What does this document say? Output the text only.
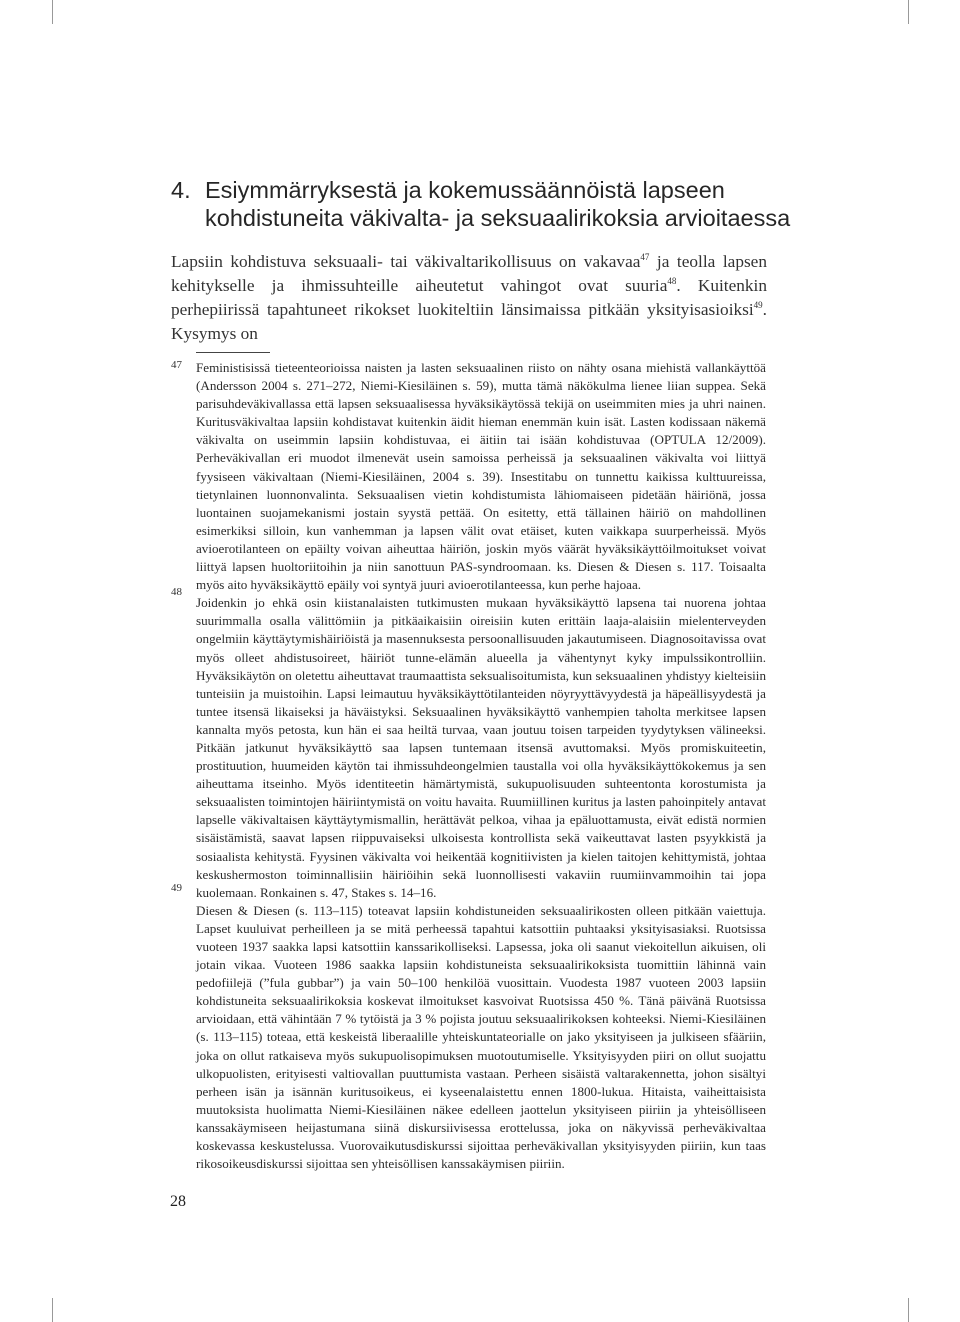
4. Esiymmärryksestä ja kokemussäännöistä lapseen
kohdistuneita väkivalta- ja seksuaalirikoksia arvioitaessa
Lapsiin kohdistuva seksuaali- tai väkivaltarikollisuus on vakavaa$^{47}$ ja teolla lapsen kehitykselle ja ihmissuhteille aiheutetut vahingot ovat suuria$^{48}$. Kuitenkin perhepiirissä tapahtuneet rikokset luokiteltiin länsimaissa pitkään yksityisasioiksi$^{49}$. Kysymys on
47
48
49

Feministisissä tieteenteorioissa naisten ja lasten seksuaalinen riisto on nähty osana miehistä vallankäyttöä (Andersson 2004 s. 271–272, Niemi-Kiesiläinen s. 59), mutta tämä näkökulma lienee liian suppea. Sekä parisuhdeväkivallassa että lapsen seksuaalisessa hyväksikäytössä tekijä on useimmiten mies ja uhri nainen. Kuritusväkivaltaa lapsiin kohdistavat kuitenkin äidit hieman enemmän kuin isät. Lasten kodissaan näkemä väkivalta on useimmin lapsiin kohdistuvaa, ei äitiin tai isään kohdistuvaa (OPTULA 12/2009). Perheväkivallan eri muodot ilmenevät usein samoissa perheissä ja seksuaalinen väkivalta voi liittyä fyysiseen väkivaltaan (Niemi-Kiesiläinen, 2004 s. 39). Insestitabu on tunnettu kaikissa kulttuureissa, tietynlainen luonnonvalinta. Seksuaalisen vietin kohdistumista lähiomaiseen pidetään häiriönä, jossa luontainen suojamekanismi jostain syystä pettää. On esitetty, että tällainen häiriö on mahdollinen esimerkiksi silloin, kun vanhemman ja lapsen välit ovat etäiset, kuten vaikkapa suurperheissä. Myös avioerotilanteen on epäilty voivan aiheuttaa häiriön, joskin myös väärät hyväksikäyttöilmoitukset voivat liittyä lapsen huoltoriitoihin ja niin sanottuun PAS-syndroomaan. ks. Diesen & Diesen s. 117. Toisaalta myös aito hyväksikäyttö epäily voi syntyä juuri avioerotilanteessa, kun perhe hajoaa.

Joidenkin jo ehkä osin kiistanalaisten tutkimusten mukaan hyväksikäyttö lapsena tai nuorena johtaa suurimmalla osalla välittömiin ja pitkäaikaisiin oireisiin kuten erittäin laaja-alaisiin mielenterveyden ongelmiin käyttäytymishäiriöistä ja masennuksesta persoonallisuuden jakautumiseen. Diagnosoitavissa ovat myös olleet ahdistusoireet, häiriöt tunne-elämän alueella ja vähentynyt kyky impulssikontrolliin. Hyväksikäytön on oletettu aiheuttavat traumaattista seksualisoitumista, kun seksuaalinen yhdistyy kielteisiin tunteisiin ja muistoihin. Lapsi leimautuu hyväksikäyttötilanteiden nöyryyttävyydestä ja häpeällisyydestä ja tuntee itsensä likaiseksi ja häväistyksi. Seksuaalinen hyväksikäyttö vanhempien taholta merkitsee lapsen kannalta myös petosta, kun hän ei saa heiltä turvaa, vaan joutuu toisen tarpeiden tyydytyksen välineeksi. Pitkään jatkunut hyväksikäyttö saa lapsen tuntemaan itsensä avuttomaksi. Myös promiskuiteetin, prostituution, huumeiden käytön tai ihmissuhdeongelmien taustalla voi olla hyväksikäyttökokemus ja sen aiheuttama itseinho. Myös identiteetin hämärtymistä, sukupuolisuuden suhteentonta korostumista ja seksuaalisten toimintojen häiriintymistä on voitu havaita. Ruumiillinen kuritus ja lasten pahoinpitely antavat lapselle väkivaltaisen käyttäytymismallin, herättävät pelkoa, vihaa ja epäluottamusta, eivät edistä normien sisäistämistä, saavat lapsen riippuvaiseksi ulkoisesta kontrollista sekä vaikeuttavat lasten psyykkistä ja sosiaalista kehitystä. Fyysinen väkivalta voi heikentää kognitiivisten ja kielen taitojen kehittymistä, johtaa keskushermoston toiminnallisiin häiriöihin sekä luonnollisesti vakaviin ruumiinvammoihin tai jopa kuolemaan. Ronkainen s. 47, Stakes s. 14–16.

Diesen & Diesen (s. 113–115) toteavat lapsiin kohdistuneiden seksuaalirikosten olleen pitkään vaiettuja. Lapset kuuluivat perheilleen ja se mitä perheessä tapahtui katsottiin puhtaaksi yksityisasiaksi. Ruotsissa vuoteen 1937 saakka lapsi katsottiin kanssarikolliseksi. Lapsessa, joka oli saanut viekoitellun aikuisen, oli jotain vikaa. Vuoteen 1986 saakka lapsiin kohdistuneista seksuaalirikoksista tuomittiin lähinnä vain pedofiilejä (”fula gubbar”) ja vain 50–100 henkilöä vuosittain. Vuodesta 1987 vuoteen 2003 lapsiin kohdistuneita seksuaalirikoksia koskevat ilmoitukset kasvoivat Ruotsissa 450 %. Tänä päivänä Ruotsissa arvioidaan, että vähintään 7 % tytöistä ja 3 % pojista joutuu seksuaalirikoksen kohteeksi. Niemi-Kiesiläinen (s. 113–115) toteaa, että keskeistä liberaalille yhteiskuntateorialle on jako yksityiseen ja julkiseen sfääriin, joka on ollut ratkaiseva myös sukupuolisopimuksen muotoutumiselle. Yksityisyyden piiri on ollut suojattu ulkopuolisten, erityisesti valtiovallan puuttumista vastaan. Perheen sisäistä valtarakennetta, johon sisältyi perheen isän ja isännän kuritusoikeus, ei kyseenalaistettu ennen 1800-lukua. Hitaista, vaiheittaisista muutoksista huolimatta Niemi-Kiesiläinen näkee edelleen jaottelun yksityiseen piiriin ja yhteisölliseen kanssakäymiseen heijastumana siinä diskursiivisessa erottelussa, joka on näkyvissä perheväkivaltaa koskevassa keskustelussa. Vuorovaikutusdiskurssi sijoittaa perheväkivallan yksityisyyden piiriin, kun taas rikosoikeusdiskurssi sijoittaa sen yhteisöllisen kanssakäymisen piiriin.

28
